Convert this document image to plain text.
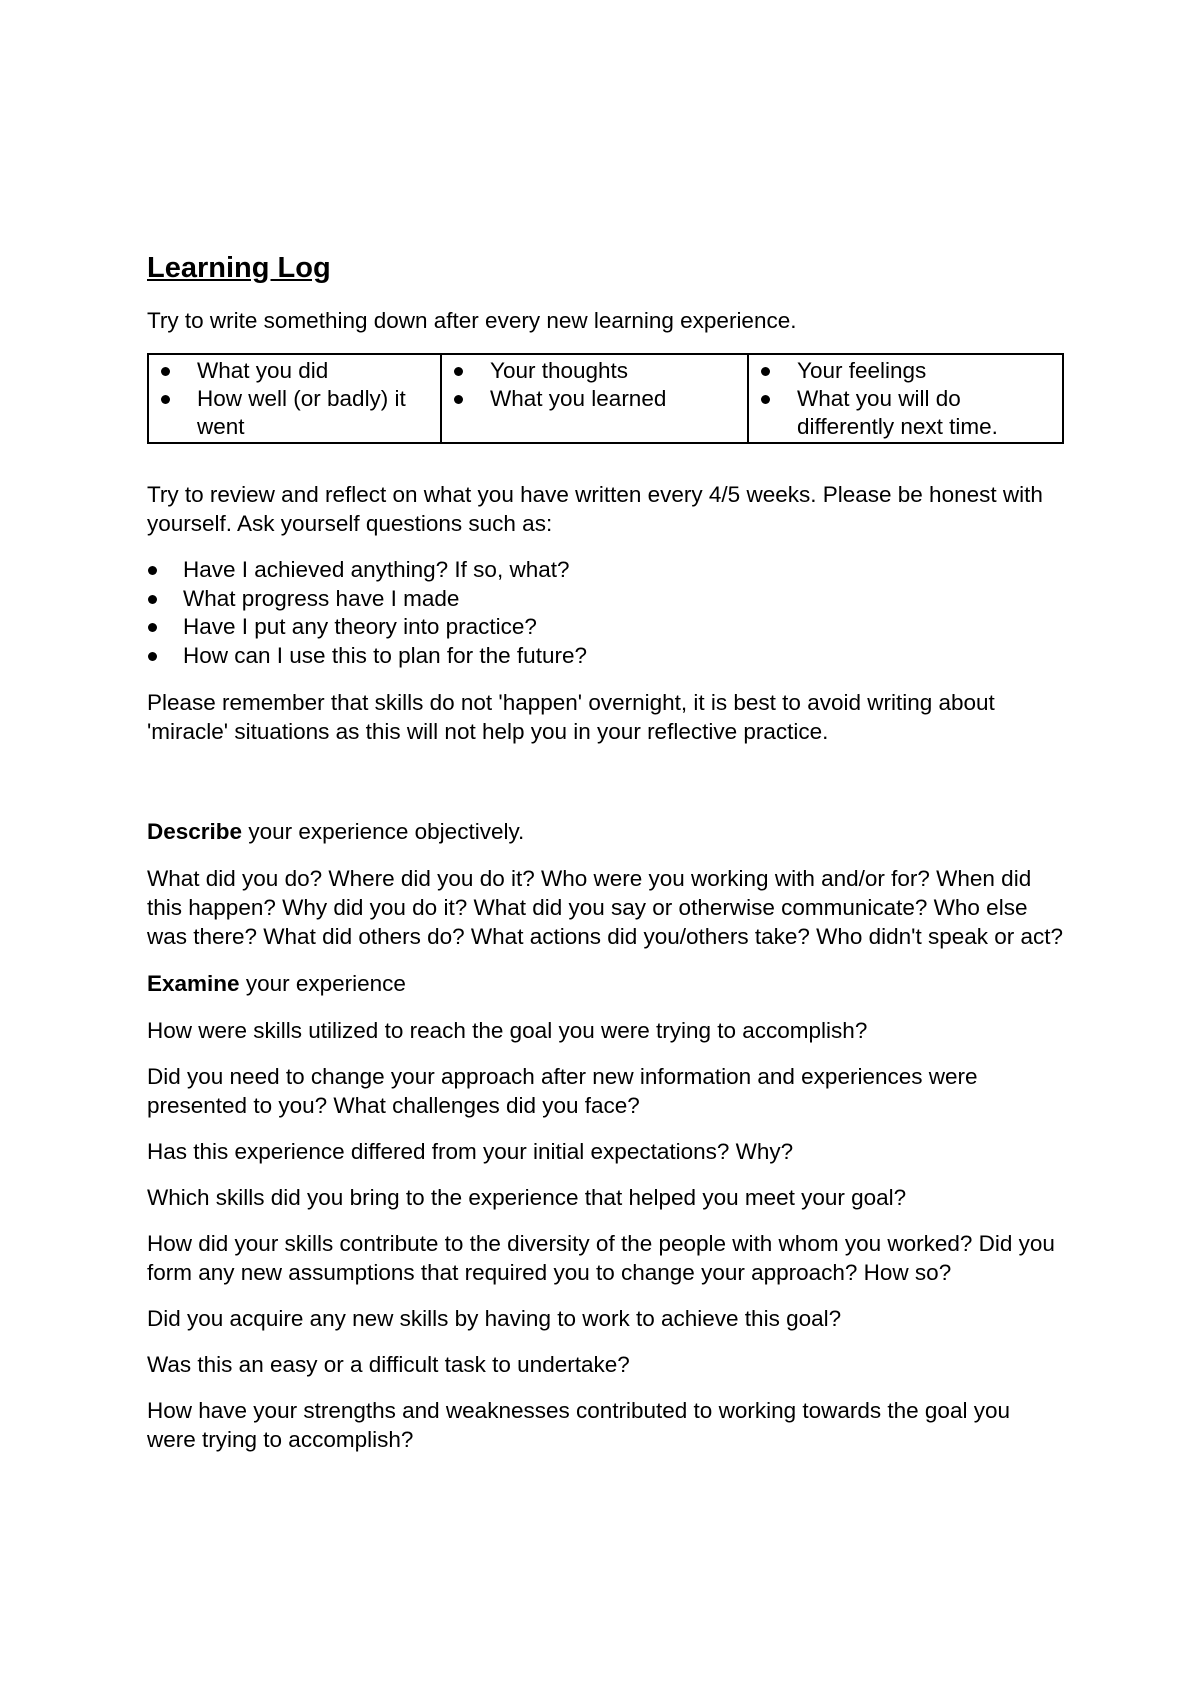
Learning Log

Try to write something down after every new learning experience.

What you did
How well (or badly) it went
Your thoughts
What you learned
Your feelings
What you will do differently next time.

Try to review and reflect on what you have written every 4/5 weeks. Please be honest with yourself. Ask yourself questions such as:

Have I achieved anything? If so, what?
What progress have I made
Have I put any theory into practice?
How can I use this to plan for the future?

Please remember that skills do not 'happen' overnight, it is best to avoid writing about 'miracle' situations as this will not help you in your reflective practice.

Describe your experience objectively.

What did you do? Where did you do it? Who were you working with and/or for? When did this happen? Why did you do it? What did you say or otherwise communicate? Who else was there? What did others do? What actions did you/others take? Who didn't speak or act?

Examine your experience

How were skills utilized to reach the goal you were trying to accomplish?

Did you need to change your approach after new information and experiences were presented to you? What challenges did you face?

Has this experience differed from your initial expectations? Why?

Which skills did you bring to the experience that helped you meet your goal?

How did your skills contribute to the diversity of the people with whom you worked? Did you form any new assumptions that required you to change your approach? How so?

Did you acquire any new skills by having to work to achieve this goal?

Was this an easy or a difficult task to undertake?

How have your strengths and weaknesses contributed to working towards the goal you were trying to accomplish?
